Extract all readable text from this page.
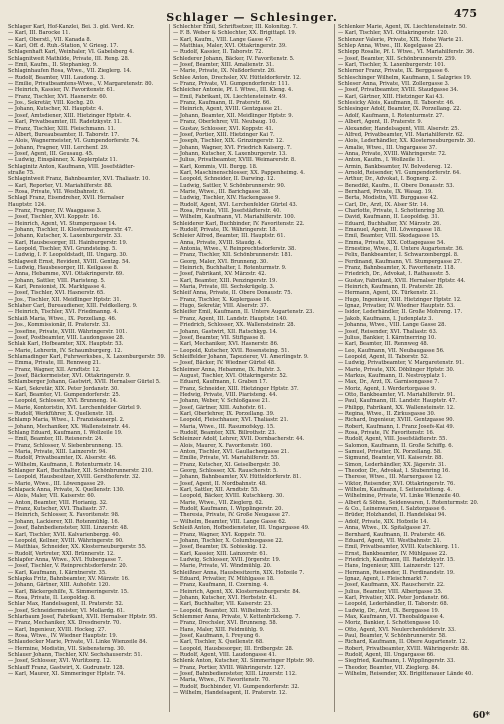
Schlager — Schlesinger.	475

Schlager Karl, Hof-Kanzlei, Bei. 3. gld. Verd. Kr.

— Karl, III. Barocke 11.

— Karl, Oberstl., VII. Kanada 8.

— Karl, Off. d. Ruh.-Station, V. Griesg. 17.

Schlagenhaft Karl, Weinhaler, VI. Gabelsberg 4.

Schlagnitweit Mathilde, Private, III. Reng. 28.

— Emil, Kaufm., II. Stephanieg. 9.

Schlaginhaufen Rosa, Wtwe., VII. Zieglerg. 14.

— Rudolf, Beamter, VIII. Laudong. 3.

— Emilie, Privatbeamtens-Wtwe., V. Margaretenstr. 80.

— Heinrich, Kassier, IV. Favoritenstr. 61.

— Franz, Tischler, XVI. Hasnerstr. 60.

— Jos., Sekretär, VIII. Kochg. 20.

— Johann, Kutscher, XI. Hauptstr. 4.

— Josef, Amtsdiener, XIII. Hietzinger Hptstr. 4.

— Karl, Privatbeamter, III. Radetzkystr. 11.

— Franz, Tischler, XIII. Fleischmann. 11.

— Albert, Bureaubeamter, II. Taborstr. 17.

— Alois, Wagnermeister, VI. Gumpendorferstr. 74.

— Johann, Fragner, VIII. Lerchenf. 29.

— Josef, Agent, III. Geusaug. 45.

— Ludwig, Einspänner, X. Keplerplatz 11.

Schlaginitz Anton, Kaufmann, VIII. Josefstädter-

straße 75.

Schlagintweit Franz, Bahnbeamter, XVI. Thaliastr. 10.

— Karl, Reporter, VI. Mariahilferstr. 88.

— Rosa, Private, VII. Westbahnstr. 6.

Schlagl Franz, Eisendreher, XVII. Hernalser

Hauptstr. 124.

— Franz, Fragner, IV. Waaggasse 3.

— Josef, Tischler, XVI. Koppstr. 16.

— Heinrich, Agent, VI. Stumpergasse 14.

— Johann, Tischler, II. Klosterneuburgerstr. 47.

— Johann, Kutscher, X. Laxenburgerstr. 33.

— Karl, Hausbesorger, III. Hainburgerstr. 19.

— Leopold, Tischler, XVI. Grundsteing. 5.

— Ludwig, I. F. Leopoldstadt, III. Ungarg. 30.

Schlagweit Ernst, Revident, XVIII. Gentzg. 54.

— Ludwig, Hausbesorger, III. Keilgasse 8.

— Anna, Hebamme, XVI. Ottakringerstr. 69.

— Johann, Sattler, VIII. Piaristeng. 5.

— Karl, Pensionist, IX. Marktgasse 4.

— Josef, Tischler, XVI. Hasnerstr. 65.

— Jos., Tischler, XII. Meidlinger Hptstr. 31.

Schlaher Carl, Bureaudiener, XIII. Feldkellerg. 9.

— Heinrich, Tischler, XVI. Friedmanng. 4.

Schlaiß Maria, Wtwe., IX. Porzellang. 46.

— Jos., Kommissionär, II. Praterstr. 33.

— Josefine, Private, XVIII. Währingerstr. 101.

— Josef, Postbeamter, VIII. Laudongasse 28.

Schlak Karl, Hofbeamter, XIX. Hauptstr. 53.

— Marie, Lehrerin, IV. Schaumburgerg. 12.

Schlamadinger Karl, Fuhrwerksbes., X. Laxenburgerstr. 59.

— Emma, Private, III. Rennweg 21.

— Franz, Wagner, XII. Arndtstr. 12.

— Josef, Bäckermeister, XVI. Ottakringerstr. 9.

Schlamberger Johann, Gastwirt, XVII. Hernalser Gürtel 5.

— Karl, Sekretär, XIX. Peter Jordanstr. 30.

— Karl, Beamter, VI. Gumpendorferstr. 25.

— Leopold, Schlosser, XVI. Brunneng. 14.

— Marie, Kontoristin, XVI. Lerchenfelder Gürtel 9.

— Rudolf, Werkführer, X. Quellenstr. 18.

Schlamp Maria, Wtwe., I. Franziskanerpl. 2.

— Johann, Mechaniker, XX. Wallensteinstr. 44.

Schlang Eduard, Kaufmann, I. Wollzeile 19.

— Emil, Beamter, III. Reisnerstr. 24.

— Franz, Schlosser, V. Siebenbrunneng. 15.

— Maria, Private, XIII. Lainzerstr. 94.

— Rudolf, Privatbeamter, IX. Alserstr. 46.

— Wilhelm, Kaufmann, I. Rotenturmstr. 14.

Schlanger Karl, Buchhalter, XII. Schönbrunnerstr. 210.

— Leopold, Hausbesitzer, XVIII. Gersthoferstr. 32.

— Marie, Wtwe., III. Löwengasse 29.

Schlapack Anna, Private, X. Quellenstr. 130.

— Alois, Maler, VII. Kaiserstr. 60.

— Anton, Beamter, VIII. Florianig. 32.

— Franz, Kutscher, XVI. Thaliastr. 37.

— Heinrich, Schlosser, X. Favoritenstr. 98.

— Johann, Lackierer, XII. Rotenmühlg. 16.

— Josef, Bahnbediensteter, XIII. Linzerstr. 48.

— Karl, Tischler, XVII. Kalvarienbergg. 40.

— Leopold, Kellner, XVIII. Währingerstr. 90.

— Matthias, Schneider, XX. Klosterneuburgerstr. 55.

— Rudolf, Vertreter, XXI. Brünnerstr. 12.

Schlapfer Anna, Wtwe., XVI. Hubergasse 7.

— Josef, Tischler, V. Reinprechtsdorferstr. 20.

— Karl, Kaufmann, I. Kärntnerstr. 35.

Schlapka Fritz, Bahnbeamter, XV. Märzstr. 16.

— Johann, Gärtner, XIII. Auhofstr. 120.

— Karl, Bäckergehilfe, X. Simmeringerstr. 15.

— Rosa, Private, II. Leopoldsg. 8.

Schlar Max, Handelsagent, II. Praterstr. 52.

— Josef, Schneidermeister, VI. Mollardg. 61.

Schlarbaum Josef, Fabrikant, XVII. Hernalser Hptstr. 95.

— Franz, Mechaniker, XX. Dresdnerstr. 70.

— Karl, Ingenieur, XVIII. Hockeg. 27.

— Rosa, Wtwe., IV. Wiedner Hauptstr. 19.

Schlaudecker Marie, Private, VI. Linke Wienzeile 84.

— Hermine, Modistin, VII. Siebensterng. 30.

Schlauer Johann, Tischler, XIV. Sechshauserstr. 51.

— Josef, Schlosser, XVI. Wurlitzerg. 12.

Schlauff Franz, Gastwirt, X. Gudrunstr. 128.

— Karl, Maurer, XI. Simmeringer Hptstr. 74.

Schlechter Emil, Schriftsetzer, III. Kolonitzg. 7.

— F. B. Weber & Schlechter, XX. Brigittapl. 19.

— Karl, Kaufm., VIII. Lange Gasse 47.

— Matthias, Maler, XVI. Ottakringerstr. 39.

— Rudolf, Kassier, II. Taborstr. 72.

Schlederer Johann, Bäcker, IV. Favoritenstr. 5.

— Josef, Beamter, XIII. Amalienstr. 31.

— Marie, Private, IX. Nußdorferstr. 26.

Schlee Anton, Drechsler, XV. Hütteldorferstr. 12.

— Franz, Private, VI. Gumpendorferstr. 111.

Schleicher Antonie, Pf. I. Wtwe., III. Kleng. 4.

— Emil, Fabrikant, IX. Liechtensteinstr. 49.

— Franz, Kaufmann, II. Praterstr. 66.

— Heinrich, Agent, XVIII. Gentzgasse 21.

— Johann, Beamter, XII. Meidlinger Hptstr. 9.

— Franz, Oberlehrer, VII. Neubaug. 10.

— Gustav, Schlosser, XVI. Koppstr. 41.

— Josef, Portier, XIII. Hietzinger Kai 7.

— Joseph, Tischler, XIX. Grinzingerstr. 12.

— Johann, Wagner, XVI. Friedrich Kaiserg. 7.

— Johann, Kutscher, X. Laxenburgerstr. 13.

— Julius, Privatbeamter, XVIII. Weimarerstr. 8.

— Karl, Kommis, VII. Burgg. 18.

— Karl, Maschinenschlosser, XX. Pappenheimg. 4.

— Leopold, Schneider, II. Darwing. 12.

— Ludwig, Sattler, V. Schönbrunnerstr. 90.

— Marie, Wtwe., III. Barichgasse 38.

— Ludwig, Tischler, XIV. Hackengasse 9.

— Rudolf, Agent, XVI. Lerchenfelder Gürtel 43.

— Rosa, Private, VIII. Josefstädterstr. 40.

— Wilhelm, Kaufmann, VI. Mariahilferstr. 100.

Schleiderer Karl, Buchbinder, IV. Favoritenstr. 22.

— Rudolf, Private, IX. Währingerstr. 18.

Schleier Alfred, Beamter, III. Hauptstr. 61.

— Anna, Private, XVIII. Staudg. 4.

— Antonia, Wtwe., V. Reinprechtsdorferstr. 38.

— Franz, Tischler, XII. Schönbrunnerstr. 181.

— Georg, Maler, XVI. Brunneng. 30.

— Heinrich, Buchhalter, I. Rotenturmstr. 9.

— Josef, Fabrikant, XV. Märzstr. 42.

— Karl, Beamter, XIII. Penzingerstr. 19.

— Maria, Private, III. Sechskrügelg. 3.

Schleif Anna, Private, II. Obere Donaustr. 75.

— Franz, Tischler, X. Keplergasse 16.

— Hugo, Sekretär, VIII. Alserstr. 37.

Schleifer Emil, Kaufmann, II. Untere Augartenstr. 23.

— Franz, Agent, III. Landstr. Hauptstr. 140.

— Friedrich, Schlosser, XX. Wallensteinstr. 28.

— Johann, Gastwirt, XII. Ratschkyg. 14.

— Josef, Beamter, VII. Stiftgasse 8.

— Karl, Mechaniker, XVI. Hasnerstr. 86.

— Leopold, Kutscher, XVII. Rosensteing. 51.

Schleiffelder Johann, Tapezierer, VI. Amerlingstr. 9.

— Josef, Bäcker, IV. Wiedner Gürtel 48.

Schleimer Anna, Hebamme, IX. Rufstr. 3.

— August, Tischler, XVI. Ottakringerstr. 52.

— Eduard, Kaufmann, I. Graben 17.

— Franz, Schneider, XIII. Hietzinger Hptstr. 37.

— Hedwig, Private, VIII. Piaristeng. 44.

— Johann, Weber, V. Schloßgasse 21.

— Josef, Gärtner, XIII. Auhofstr. 61.

— Karl, Oberlehrer, IX. Porzellang. 39.

— Leopold, Fleischhauer, XVI. Thaliastr. 21.

— Maria, Wtwe., III. Rasumofskyg. 15.

— Rudolf, Beamter, XIX. Billrothstr. 23.

Schleinzer Adolf, Lehrer, XVII. Dornbacherstr. 44.

— Alois, Maurer, X. Favoritenstr. 160.

— Anton, Tischler, XVI. Gaullachergasse 21.

— Emilie, Private, VI. Mariahilferstr. 55.

— Franz, Kutscher, XI. Geiselbergstr. 30.

— Georg, Schlosser, XX. Rauscherstr. 5.

— Johann, Bahnbeamter, XV. Hütteldorferstr. 81.

— Josef, Agent, II. Nordbahnstr. 48.

— Karl, Sattler, XII. Arndtstr. 55.

— Leopold, Bäcker, XVIII. Kutschkerg. 30.

— Marie, Wtwe., VII. Zieglerg. 62.

— Rudolf, Kaufmann, I. Wipplingerstr. 20.

— Theresia, Private, IV. Große Neugasse 27.

— Wilhelm, Beamter, VIII. Lange Gasse 62.

Schleiß Anton, Hofbediensteter, III. Ungargasse 49.

— Franz, Wagner, XVI. Koppstr. 70.

— Johann, Tischler, X. Columbusgasse 22.

— Josef, Beamter, IX. Sobieskig. 12.

— Karl, Kassier, XIII. Lainzerstr. 61.

— Ludwig, Schlosser, XVII. Jörgerstr. 19.

— Marie, Private, VI. Windmühlg. 20.

Schleißner Anna, Hausbesitzerin, XIX. Hofzeile 7.

— Eduard, Privatier, IV. Mühlgasse 18.

— Franz, Kaufmann, II. Czerning. 4.

— Heinrich, Agent, XX. Klosterneuburgerstr. 84.

— Johann, Kutscher, XVI. Herbststr. 41.

— Karl, Buchhalter, VII. Kaiserstr. 23.

— Leopold, Beamter, XII. Wilhelmstr. 33.

Schlemmer Anna, Private, V. Kettenbrückeng. 7.

— Franz, Drechsler, XVI. Brunneng. 58.

— Hans, Maler, XIII. Feldmühlg. 9.

— Josef, Kaufmann, I. Freyung 6.

— Karl, Tischler, X. Quellenstr. 68.

— Leopold, Hausbesorger, III. Erdbergstr. 28.

— Rudolf, Agent, VIII. Laudongasse 41.

Schlenk Anton, Kutscher, XI. Simmeringer Hptstr. 90.

— Franz, Portier, XVIII. Währingerstr. 127.

— Josef, Bahnbediensteter, XIII. Linzerstr. 112.

— Maria, Wtwe., IV. Favoritenstr. 70.

— Rudolf, Buchbinder, VI. Gumpendorferstr. 32.

— Wilhelm, Handelsagent, II. Praterstr. 12.

Schlenker Marie, Agent, IX. Liechtensteinstr. 50.

— Karl, Tischler, XVI. Ottakringerstr. 120.

Schlenzer Valerie, Private, XIX. Hohe Warte 21.

Schlep Anna, Wtwe., III. Kegelgasse 23.

Schlepp Rosalie, Pf. I. Wtwe., VI. Mariahilferstr. 36.

— Josef, Beamter, XII. Schönbrunnerstr. 259.

— Karl, Tischler, X. Laxenburgerstr. 101.

Schlerner Franz, Private, IX. Berggasse 6.

Schleschinger Wilhelm, Kaufmann, I. Salzgries 19.

Schleser Anna, Private, VII. Zollergasse 3.

— Josef, Privatbeamter, XVIII. Staudgasse 34.

— Karl, Gärtner, XIII. Hietzinger Kai 43.

Schlesicky Alois, Kaufmann, II. Taborstr. 46.

Schlesinger Adolf, Beamter, IX. Porzellang. 22.

— Adolf, Kaufmann, I. Rotenturmstr. 27.

— Albert, Agent, II. Praterstr. 9.

— Alexander, Handelsagent, VIII. Alserstr. 25.

— Alfred, Privatbeamter, VII. Mariahilferstr. 62.

— Alois, Lederhändler, XX. Klosterneuburgerstr. 30.

— Amalie, Wtwe., III. Ungargasse 37.

— Anna, Private, XVIII. Währingerstr. 72.

— Anton, Kaufm., I. Wollzeile 11.

— Armin, Bankbeamter, IV. Belvedereg. 12.

— Arnold, Reisender, VI. Gumpendorferstr. 64.

— Arthur, Dr., Advokat, I. Bognerg. 2.

— Benedikt, Kaufm., II. Obere Donaustr. 53.

— Bernhard, Private, IX. Wasag. 19.

— Berta, Modistin, VII. Burggasse 42.

— Carl, Dr., Arzt, IX. Alser Str. 14.

— Charlotte, Private, I. Schottenring 30.

— David, Kaufmann, II. Leopoldsg. 31.

— Eduard, Buchhalter, XV. Märzstr. 26.

— Emanuel, Agent, III. Löwengasse 18.

— Emil, Beamter, VIII. Skodagasse 15.

— Emma, Private, XIX. Cottagegasse 54.

— Ernestine, Wtwe., II. Untere Augartenstr. 36.

— Felix, Bankbeamter, I. Schwarzenbergpl. 8.

— Ferdinand, Kaufmann, VI. Stumpergasse 27.

— Franz, Bahnbeamter, X. Favoritenstr. 118.

— Friedrich, Dr., Advokat, I. Rathausstr. 5.

— Gustav, Fabrikant, XVII. Hernalser Hptstr. 44.

— Heinrich, Kaufmann, II. Praterstr. 28.

— Hermann, Agent, IX. Türkenstr. 21.

— Hugo, Ingenieur, XIII. Hietzinger Hptstr. 12.

— Ignaz, Privatier, IV. Wiedner Hauptstr. 53.

— Isidor, Lederhändler, II. Große Mohreng. 17.

— Jakob, Kaufmann, I. Judenplatz 3.

— Johanna, Wtwe., VIII. Lange Gasse 28.

— Josef, Reisender, XVI. Thaliastr. 63.

— Julius, Bankier, I. Kärntnerring 10.

— Karl, Beamter, III. Rennweg 48.

— Leo, Kaufmann, VII. Neubaugasse 56.

— Leopold, Agent, II. Taborstr. 52.

— Ludwig, Privatbeamter, V. Margaretenstr. 91.

— Marie, Private, XIX. Döblinger Hptstr. 30.

— Markus, Kaufmann, II. Nestroyplatz 1.

— Max, Dr., Arzt, IX. Garnisongasse 7.

— Moriz, Agent, I. Werdertorgasse 9.

— Otto, Bankbeamter, VI. Mariahilferstr. 91.

— Paul, Kaufmann, III. Landstr. Hauptstr. 47.

— Philipp, Fabrikant, XX. Wallensteinstr. 12.

— Regina, Wtwe., II. Zirkusgasse 30.

— Richard, Ingenieur, XVIII. Gentzgasse 90.

— Robert, Kaufmann, I. Franz Josefs-Kai 49.

— Rosa, Private, IV. Favoritenstr. 16.

— Rudolf, Agent, VIII. Josefstädterstr. 55.

— Salomon, Kaufmann, II. Große Schiffg. 6.

— Samuel, Privatier, IX. Porzellang. 58.

— Sigmund, Beamter, VII. Kaiserstr. 88.

— Simon, Lederhändler, XX. Jägerstr. 31.

— Theodor, Dr., Advokat, I. Stubenring 16.

— Therese, Wtwe., III. Marxergasse 12.

— Viktor, Reisender, XVI. Ottakringerstr. 76.

— Wilhelm, Kaufmann, I. Seitenstetteng. 4.

— Wilhelmine, Private, VI. Linke Wienzeile 40.

— Albert & Söhne, Seidenwaren, I. Rotenturmstr. 20.

— & Co., Leinenwaren, I. Salztorgasse 6.

— Brüder, Holzhandel, II. Handelskai 94.

— Adolf, Private, XIX. Hofzeile 14.

— Anna, Wtwe., IX. Spitalgasse 27.

— Bernhard, Kaufmann, II. Praterstr. 46.

— Eduard, Agent, VII. Westbahnstr. 21.

— Emil, Privatbeamter, XVIII. Kutschkerg. 11.

— Ernst, Bankbeamter, IV. Mühlgasse 22.

— Friedrich, Kaufmann, III. Radetzkystr. 15.

— Hans, Ingenieur, XIII. Lainzerstr. 127.

— Hermann, Reisender, II. Ferdinandstr. 19.

— Ignaz, Agent, I. Fleischmarkt 7.

— Josef, Kaufmann, XX. Rauscherstr. 22.

— Julius, Beamter, VIII. Albertgasse 35.

— Karl, Privatier, XIX. Peter Jordanstr. 66.

— Leopold, Lederhändler, II. Taborstr. 68.

— Ludwig, Dr., Arzt, IX. Berggasse 19.

— Max, Kaufmann, VI. Theobaldgasse 4.

— Moriz, Bankier, I. Schottengasse 10.

— Otto, Agent, XVI. Neulerchenfelderstr. 33.

— Paul, Beamter, V. Schönbrunnerstr. 58.

— Richard, Kaufmann, II. Obere Augartenstr. 12.

— Robert, Privatbeamter, XVIII. Währingerstr. 88.

— Rudolf, Agent, III. Ungargasse 66.

— Siegfried, Kaufmann, I. Wipplingerstr. 33.

— Theodor, Beamter, VII. Zieglerg. 84.

— Wilhelm, Reisender, XX. Brigittenauer Lände 40.

60*
